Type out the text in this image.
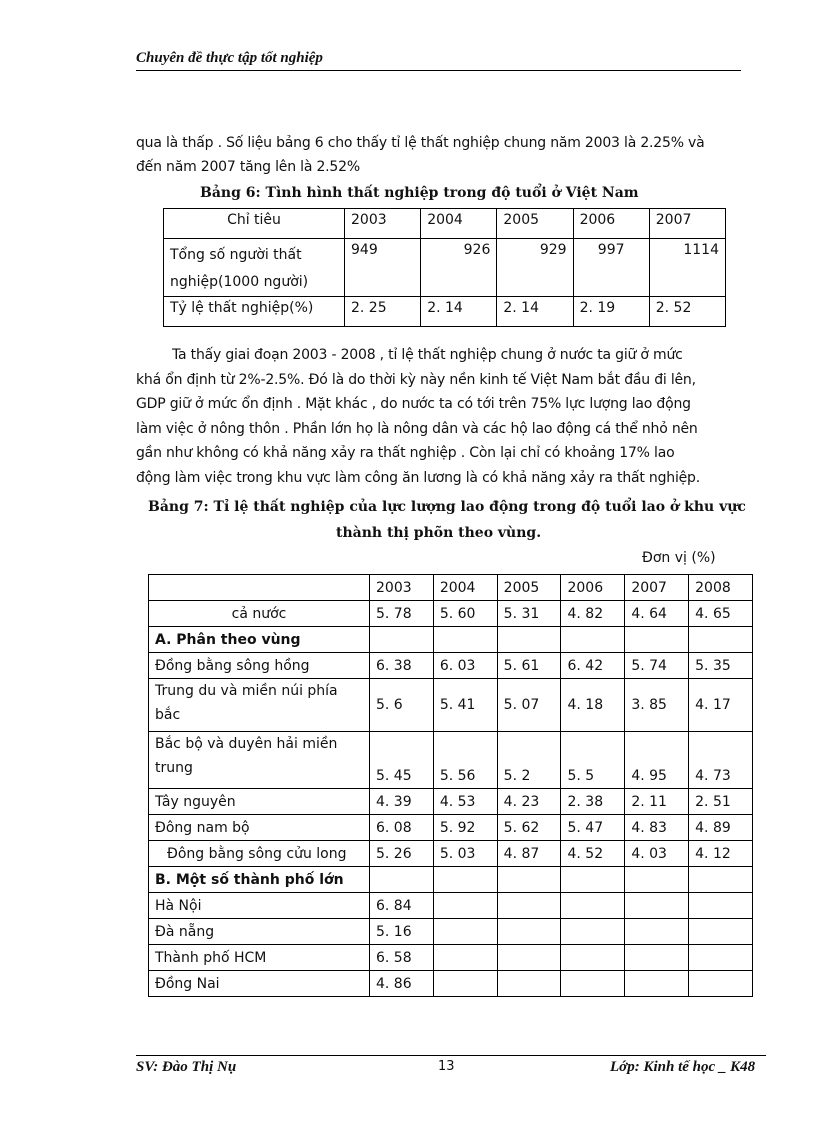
Chuyên đề thực tập tốt nghiệp
qua là thấp . Số liệu bảng 6 cho thấy tỉ lệ thất nghiệp chung năm 2003 là 2.25% và
đến năm 2007 tăng lên là 2.52%
Bảng 6: Tình hình thất nghiệp trong độ tuổi ở Việt Nam
Chỉ tiêu	2003	2004	2005	2006	2007

Tổng số người thất
nghiệp(1000 người)	949	926	929	997	1114
Tỷ lệ thất nghiệp(%)	2. 25	2. 14	2. 14	2. 19	2. 52
Ta thấy giai đoạn 2003 - 2008 , tỉ lệ thất nghiệp chung ở nước ta giữ ở mức
khá ổn định từ 2%-2.5%. Đó là do thời kỳ này nền kinh tế Việt Nam bắt đầu đi lên,
GDP giữ ở mức ổn định . Mặt khác , do nước ta có tới trên 75% lực lượng lao động
làm việc ở nông thôn . Phần lớn họ là nông dân và các hộ lao động cá thể nhỏ nên
gần như không có khả năng xảy ra thất nghiệp . Còn lại chỉ có khoảng 17% lao
động làm việc trong khu vực làm công ăn lương là có khả năng xảy ra thất nghiệp.
Bảng 7: Tỉ lệ thất nghiệp của lực lượng lao động trong độ tuổi lao ở khu vực
thành thị phõn theo vùng.
Đơn vị (%)
	2003	2004	2005	2006	2007	2008
cả nước	5. 78	5. 60	5. 31	4. 82	4. 64	4. 65
A. Phân theo vùng						
Đồng bằng sông hồng	6. 38	6. 03	5. 61	6. 42	5. 74	5. 35

Trung du và miền núi phía
bắc	5. 6	5. 41	5. 07	4. 18	3. 85	4. 17

Bắc bộ và duyên hải miền
trung	5. 45	5. 56	5. 2	5. 5	4. 95	4. 73
Tây nguyên	4. 39	4. 53	4. 23	2. 38	2. 11	2. 51
Đông nam bộ	6. 08	5. 92	5. 62	5. 47	4. 83	4. 89
Đông bằng sông cửu long	5. 26	5. 03	4. 87	4. 52	4. 03	4. 12
B. Một số thành phố lớn						
Hà Nội	6. 84					
Đà nẵng	5. 16					
Thành phố HCM	6. 58					
Đồng Nai	4. 86					
SV: Đào Thị Nụ	13	Lớp: Kinh tế học _ K48
